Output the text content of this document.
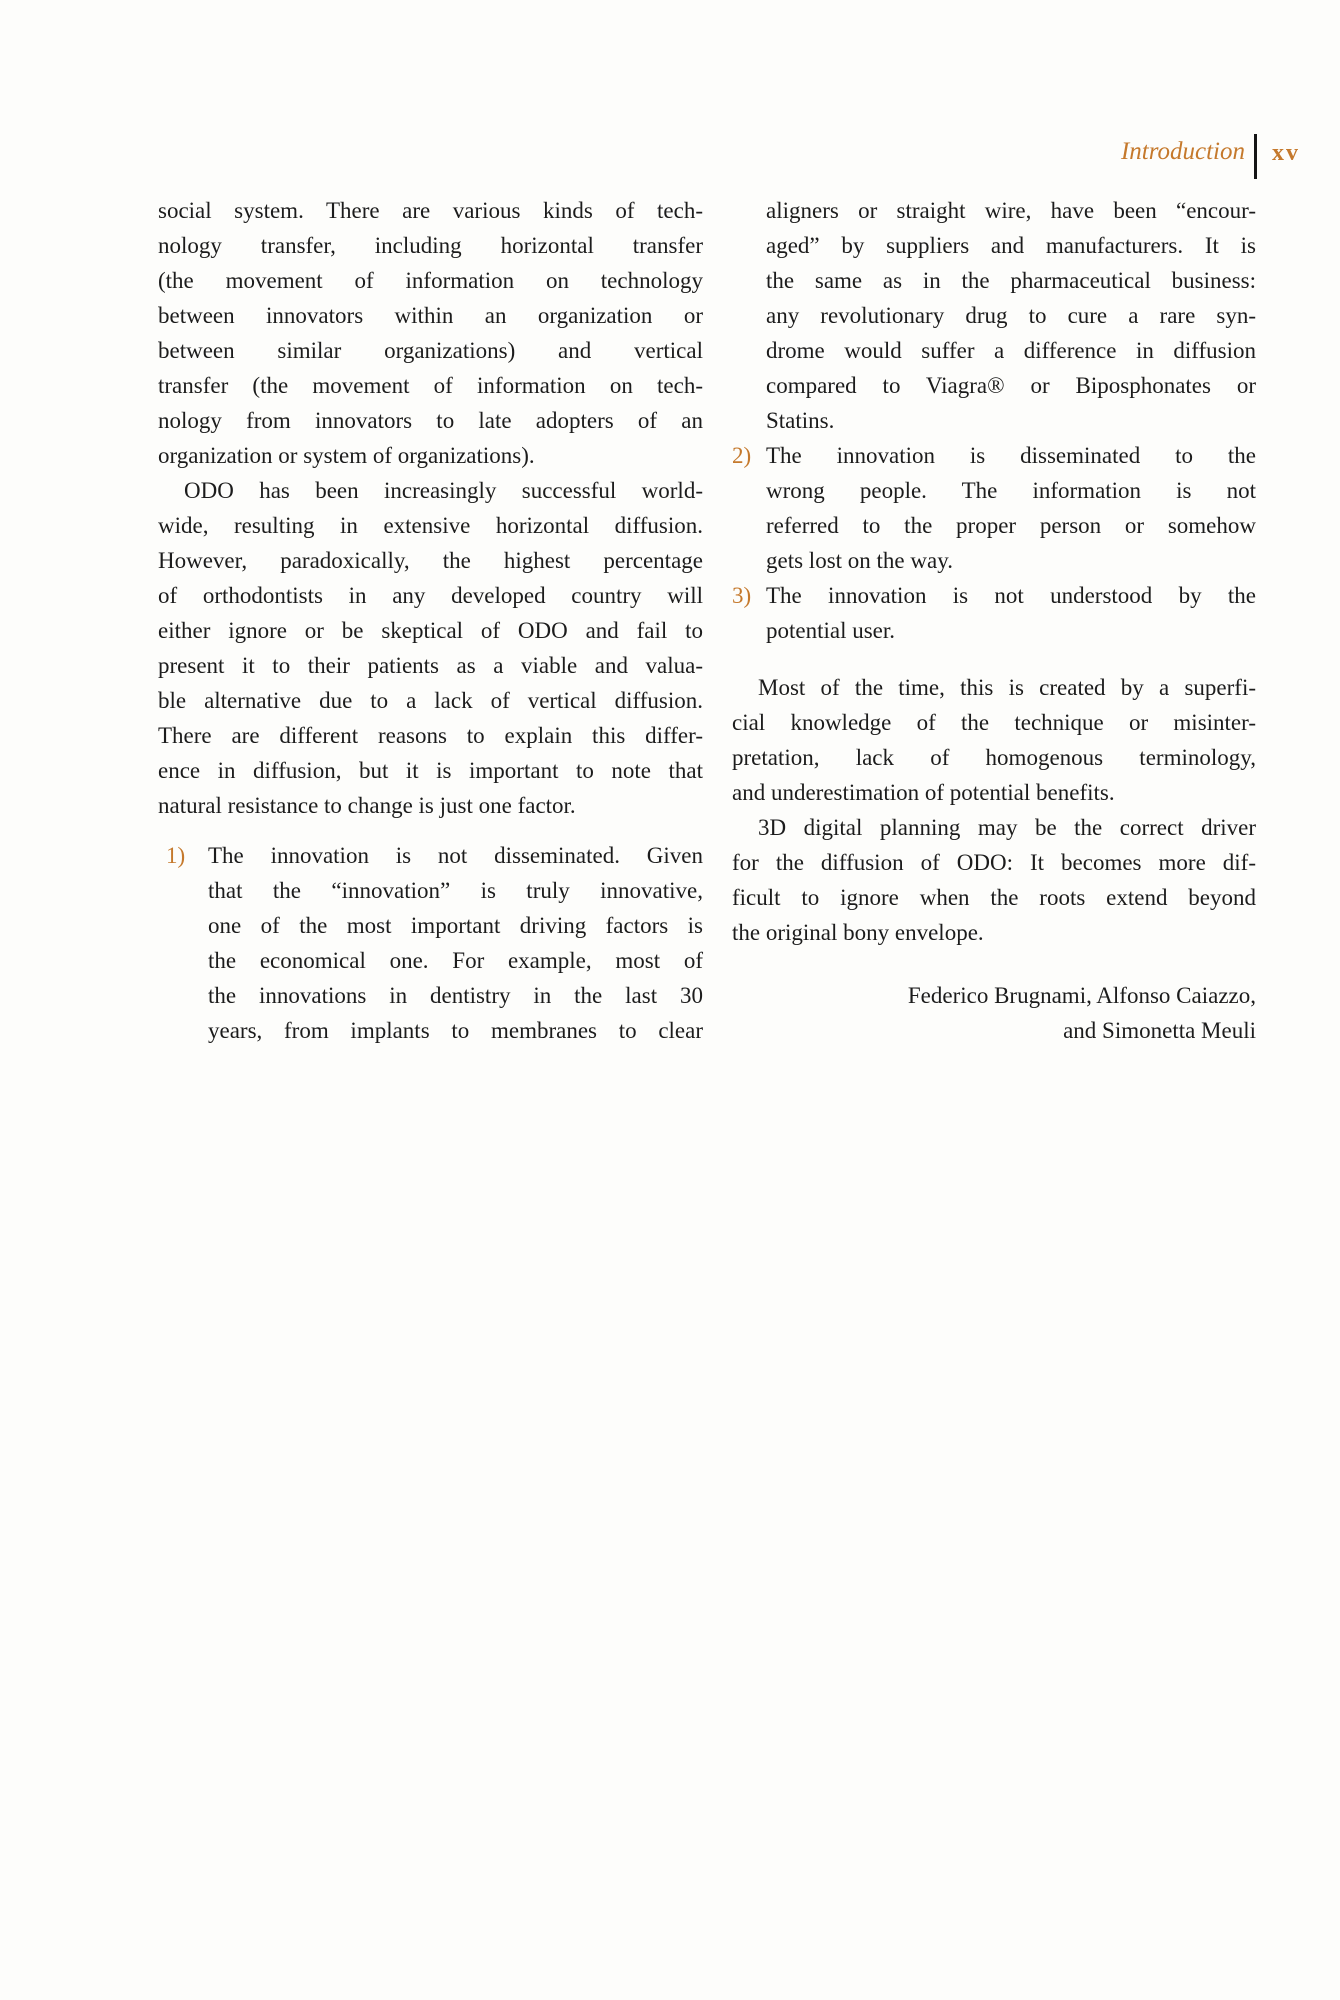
Introduction xv
social system. There are various kinds of tech-
nology transfer, including horizontal transfer
(the movement of information on technology
between innovators within an organization or
between similar organizations) and vertical
transfer (the movement of information on tech-
nology from innovators to late adopters of an
organization or system of organizations).
ODO has been increasingly successful world-
wide, resulting in extensive horizontal diffusion.
However, paradoxically, the highest percentage
of orthodontists in any developed country will
either ignore or be skeptical of ODO and fail to
present it to their patients as a viable and valua-
ble alternative due to a lack of vertical diffusion.
There are different reasons to explain this differ-
ence in diffusion, but it is important to note that
natural resistance to change is just one factor.
1) The innovation is not disseminated. Given
that the “innovation” is truly innovative,
one of the most important driving factors is
the economical one. For example, most of
the innovations in dentistry in the last 30
years, from implants to membranes to clear
aligners or straight wire, have been “encour-
aged” by suppliers and manufacturers. It is
the same as in the pharmaceutical business:
any revolutionary drug to cure a rare syn-
drome would suffer a difference in diffusion
compared to Viagra® or Biposphonates or
Statins.
2) The innovation is disseminated to the
wrong people. The information is not
referred to the proper person or somehow
gets lost on the way.
3) The innovation is not understood by the
potential user.
Most of the time, this is created by a superfi-
cial knowledge of the technique or misinter-
pretation, lack of homogenous terminology,
and underestimation of potential benefits.
3D digital planning may be the correct driver
for the diffusion of ODO: It becomes more dif-
ficult to ignore when the roots extend beyond
the original bony envelope.
Federico Brugnami, Alfonso Caiazzo,
and Simonetta Meuli
